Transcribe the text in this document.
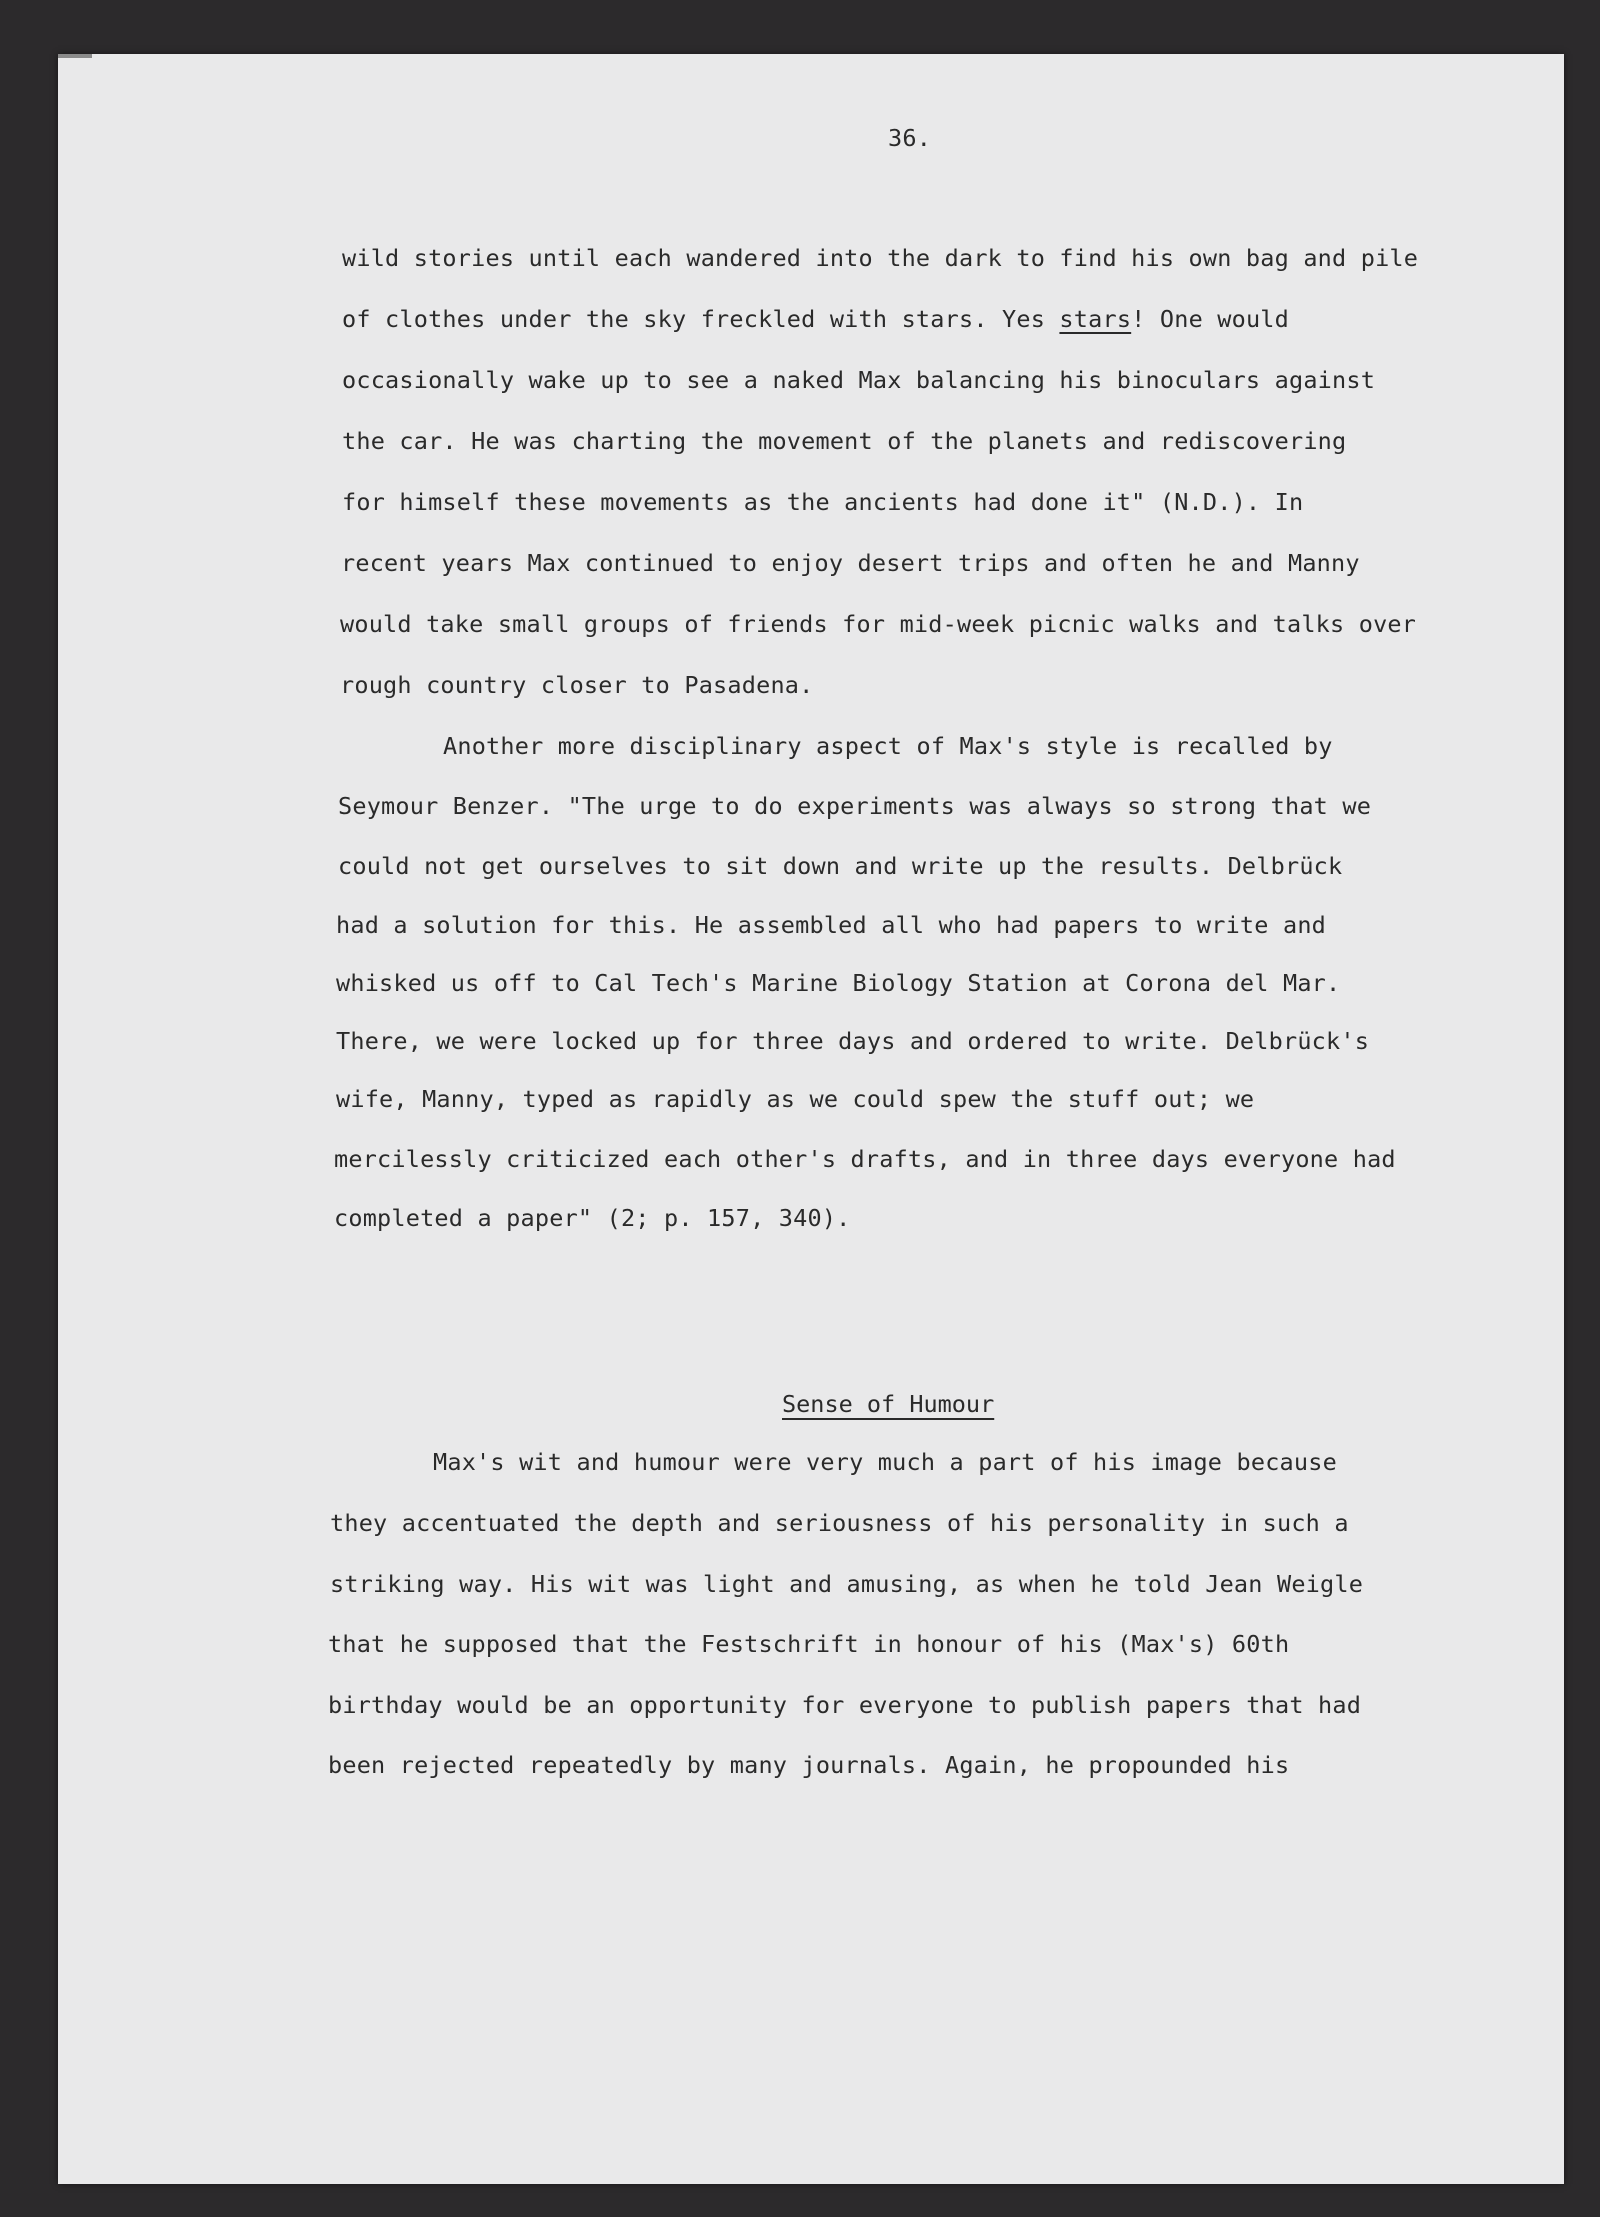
36.
wild stories until each wandered into the dark to find his own bag and pile
of clothes under the sky freckled with stars. Yes stars! One would
occasionally wake up to see a naked Max balancing his binoculars against
the car. He was charting the movement of the planets and rediscovering
for himself these movements as the ancients had done it" (N.D.). In
recent years Max continued to enjoy desert trips and often he and Manny
would take small groups of friends for mid-week picnic walks and talks over
rough country closer to Pasadena.
Another more disciplinary aspect of Max's style is recalled by
Seymour Benzer. "The urge to do experiments was always so strong that we
could not get ourselves to sit down and write up the results. Delbrück
had a solution for this. He assembled all who had papers to write and
whisked us off to Cal Tech's Marine Biology Station at Corona del Mar.
There, we were locked up for three days and ordered to write. Delbrück's
wife, Manny, typed as rapidly as we could spew the stuff out; we
mercilessly criticized each other's drafts, and in three days everyone had
completed a paper" (2; p. 157, 340).
Sense of Humour
Max's wit and humour were very much a part of his image because
they accentuated the depth and seriousness of his personality in such a
striking way. His wit was light and amusing, as when he told Jean Weigle
that he supposed that the Festschrift in honour of his (Max's) 60th
birthday would be an opportunity for everyone to publish papers that had
been rejected repeatedly by many journals. Again, he propounded his
